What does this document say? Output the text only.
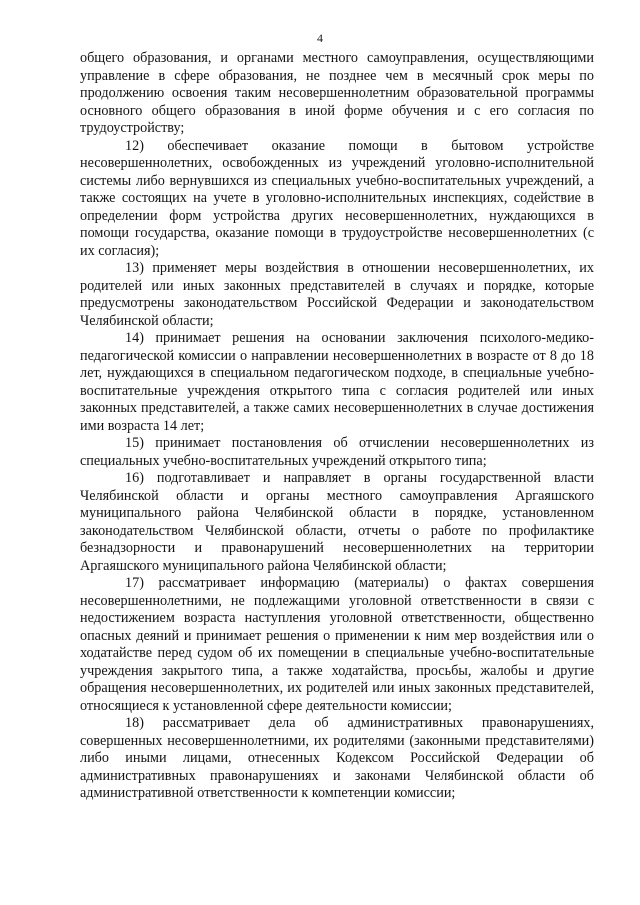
4

общего образования, и органами местного самоуправления, осуществляющими управление в сфере образования, не позднее чем в месячный срок меры по продолжению освоения таким несовершеннолетним образовательной программы основного общего образования в иной форме обучения и с его согласия по трудоустройству;

12) обеспечивает оказание помощи в бытовом устройстве несовершеннолетних, освобожденных из учреждений уголовно-исполнительной системы либо вернувшихся из специальных учебно-воспитательных учреждений, а также состоящих на учете в уголовно-исполнительных инспекциях, содействие в определении форм устройства других несовершеннолетних, нуждающихся в помощи государства, оказание помощи в трудоустройстве несовершеннолетних (с их согласия);

13) применяет меры воздействия в отношении несовершеннолетних, их родителей или иных законных представителей в случаях и порядке, которые предусмотрены законодательством Российской Федерации и законодательством Челябинской области;

14) принимает решения на основании заключения психолого-медико-педагогической комиссии о направлении несовершеннолетних в возрасте от 8 до 18 лет, нуждающихся в специальном педагогическом подходе, в специальные учебно-воспитательные учреждения открытого типа с согласия родителей или иных законных представителей, а также самих несовершеннолетних в случае достижения ими возраста 14 лет;

15) принимает постановления об отчислении несовершеннолетних из специальных учебно-воспитательных учреждений открытого типа;

16) подготавливает и направляет в органы государственной власти Челябинской области и органы местного самоуправления Аргаяшского муниципального района Челябинской области в порядке, установленном законодательством Челябинской области, отчеты о работе по профилактике безнадзорности и правонарушений несовершеннолетних на территории Аргаяшского муниципального района Челябинской области;

17) рассматривает информацию (материалы) о фактах совершения несовершеннолетними, не подлежащими уголовной ответственности в связи с недостижением возраста наступления уголовной ответственности, общественно опасных деяний и принимает решения о применении к ним мер воздействия или о ходатайстве перед судом об их помещении в специальные учебно-воспитательные учреждения закрытого типа, а также ходатайства, просьбы, жалобы и другие обращения несовершеннолетних, их родителей или иных законных представителей, относящиеся к установленной сфере деятельности комиссии;

18) рассматривает дела об административных правонарушениях, совершенных несовершеннолетними, их родителями (законными представителями) либо иными лицами, отнесенных Кодексом Российской Федерации об административных правонарушениях и законами Челябинской области об административной ответственности к компетенции комиссии;
